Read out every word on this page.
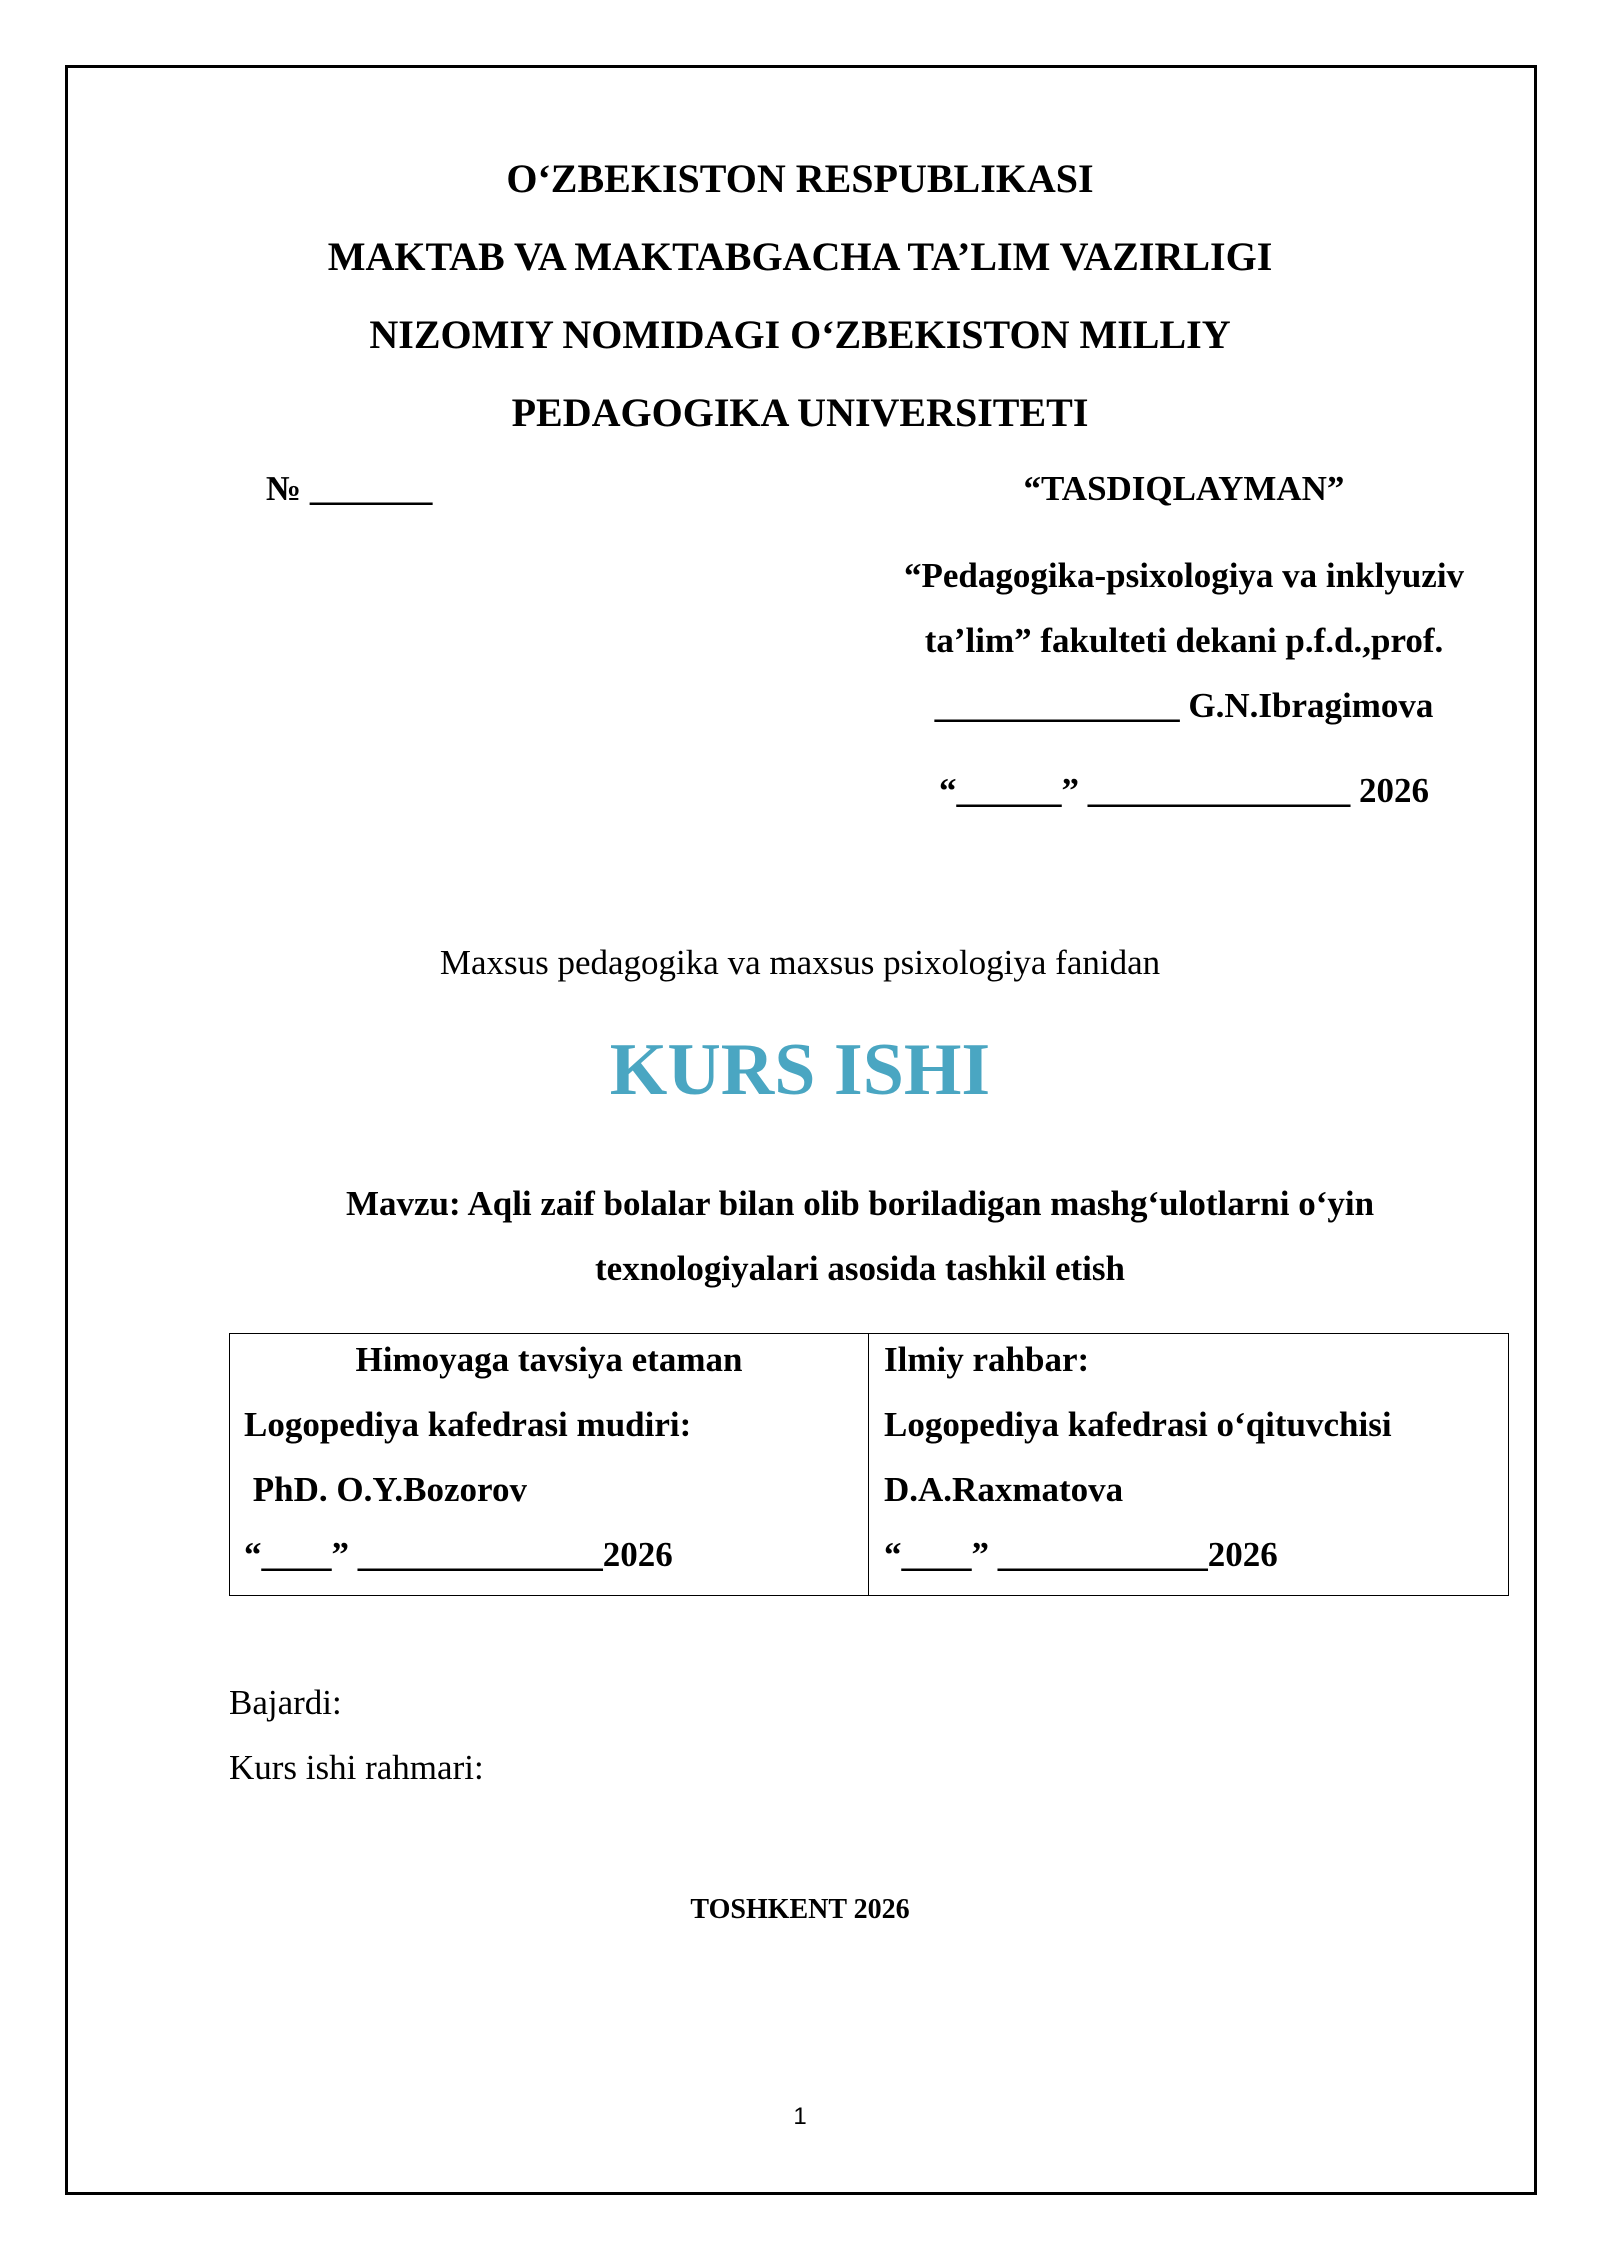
O‘ZBEKISTON RESPUBLIKASI
MAKTAB VA MAKTABGACHA TA’LIM VAZIRLIGI
NIZOMIY NOMIDAGI O‘ZBEKISTON MILLIY
PEDAGOGIKA UNIVERSITETI
№ _______	“TASDIQLAYMAN”
“Pedagogika-psixologiya va inklyuziv
ta’lim” fakulteti dekani p.f.d.,prof.
______________ G.N.Ibragimova
“______” _______________ 2026
Maxsus pedagogika va maxsus psixologiya fanidan
KURS ISHI
Mavzu: Aqli zaif bolalar bilan olib boriladigan mashg‘ulotlarni o‘yin
texnologiyalari asosida tashkil etish
Himoyaga tavsiya etaman
Logopediya kafedrasi mudiri:
PhD. O.Y.Bozorov
“____” ______________2026
Ilmiy rahbar:
Logopediya kafedrasi o‘qituvchisi
D.A.Raxmatova
“____” ____________2026
Bajardi:
Kurs ishi rahmari:
TOSHKENT 2026
1
